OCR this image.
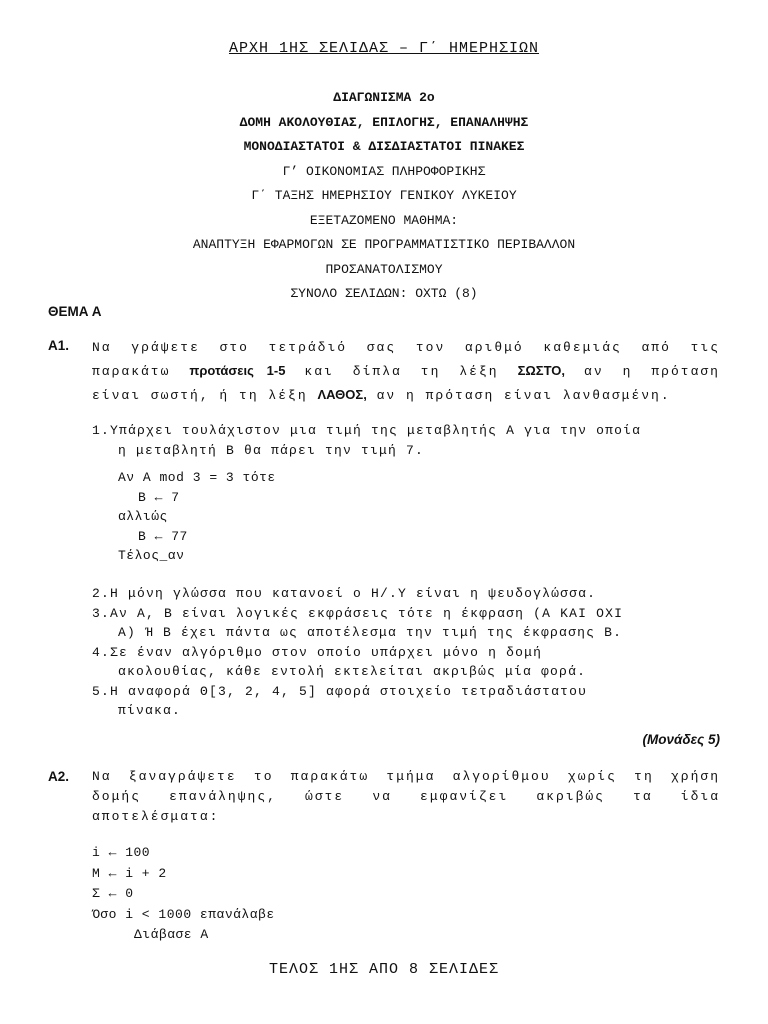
ΑΡΧΗ 1ΗΣ ΣΕΛΙΔΑΣ – Γ΄ ΗΜΕΡΗΣΙΩΝ
ΔΙΑΓΩΝΙΣΜΑ 2ο
ΔΟΜΗ ΑΚΟΛΟΥΘΙΑΣ, ΕΠΙΛΟΓΗΣ, ΕΠΑΝΑΛΗΨΗΣ
ΜΟΝΟΔΙΑΣΤΑΤΟΙ & ΔΙΣΔΙΑΣΤΑΤΟΙ ΠΙΝΑΚΕΣ
Γ’ ΟΙΚΟΝΟΜΙΑΣ ΠΛΗΡΟΦΟΡΙΚΗΣ
Γ΄ ΤΑΞΗΣ ΗΜΕΡΗΣΙΟΥ ΓΕΝΙΚΟΥ ΛΥΚΕΙΟΥ
ΕΞΕΤΑΖΟΜΕΝΟ ΜΑΘΗΜΑ:
ΑΝΑΠΤΥΞΗ ΕΦΑΡΜΟΓΩΝ ΣΕ ΠΡΟΓΡΑΜΜΑΤΙΣΤΙΚΟ ΠΕΡΙΒΑΛΛΟΝ
ΠΡΟΣΑΝΑΤΟΛΙΣΜΟΥ
ΣΥΝΟΛΟ ΣΕΛΙΔΩΝ: ΟΧΤΩ (8)
ΘΕΜΑ Α
Α1. Να γράψετε στο τετράδιό σας τον αριθμό καθεμιάς από τις
παρακάτω προτάσεις 1-5 και δίπλα τη λέξη ΣΩΣΤΟ, αν η πρόταση
είναι σωστή, ή τη λέξη ΛΑΘΟΣ, αν η πρόταση είναι λανθασμένη.
1.Υπάρχει τουλάχιστον μια τιμή της μεταβλητής Α για την οποία
η μεταβλητή Β θα πάρει την τιμή 7.
Αν Α mod 3 = 3 τότε
Β ← 7
αλλιώς
Β ← 77
Τέλος_αν
2.Η μόνη γλώσσα που κατανοεί ο Η/.Υ είναι η ψευδογλώσσα.
3.Αν Α, Β είναι λογικές εκφράσεις τότε η έκφραση (Α ΚΑΙ ΟΧΙ
Α) Ή Β έχει πάντα ως αποτέλεσμα την τιμή της έκφρασης Β.
4.Σε έναν αλγόριθμο στον οποίο υπάρχει μόνο η δομή
ακολουθίας, κάθε εντολή εκτελείται ακριβώς μία φορά.
5.Η αναφορά Θ[3, 2, 4, 5] αφορά στοιχείο τετραδιάστατου
πίνακα.
(Μονάδες 5)
Α2. Να ξαναγράψετε το παρακάτω τμήμα αλγορίθμου χωρίς τη χρήση
δομής επανάληψης, ώστε να εμφανίζει ακριβώς τα ίδια
αποτελέσματα:
i ← 100
Μ ← i + 2
Σ ← 0
Όσο i < 1000 επανάλαβε
Διάβασε Α
ΤΕΛΟΣ 1ΗΣ ΑΠΟ 8 ΣΕΛΙΔΕΣ
